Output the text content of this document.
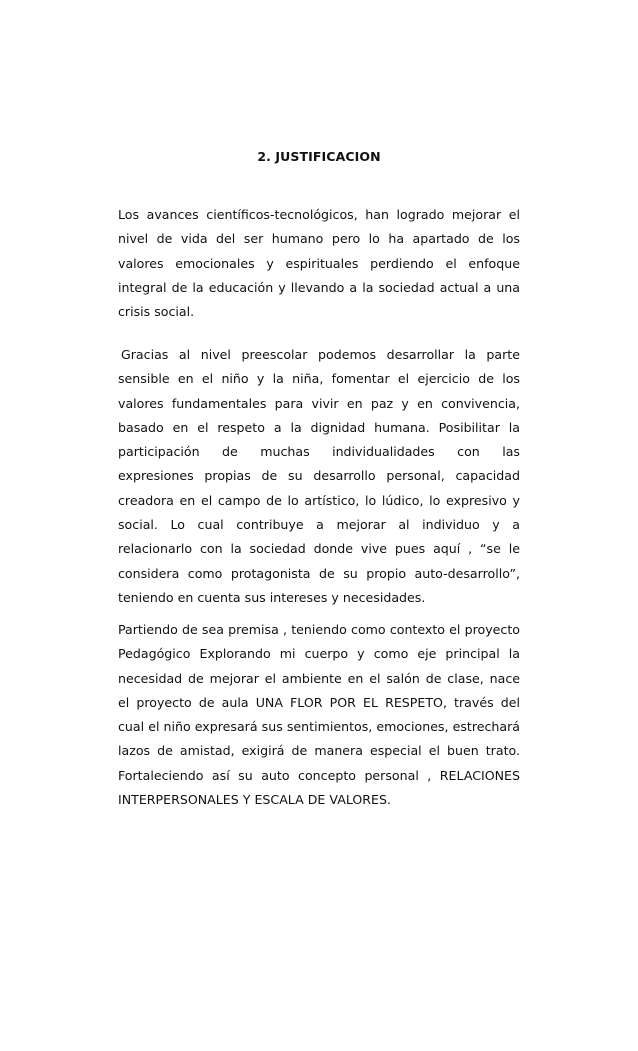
2. JUSTIFICACION
Los avances científicos-tecnológicos, han logrado mejorar el
nivel de vida del ser humano pero lo ha apartado de los
valores emocionales y espirituales perdiendo el enfoque
integral de la educación y llevando a la sociedad actual a una
crisis social.
Gracias al nivel preescolar podemos desarrollar la parte
sensible en el niño y la niña, fomentar el ejercicio de los
valores fundamentales para vivir en paz y en convivencia,
basado en el respeto a la dignidad humana. Posibilitar la
participación de muchas individualidades con las
expresiones propias de su desarrollo personal, capacidad
creadora en el campo de lo artístico, lo lúdico, lo expresivo y
social. Lo cual contribuye a mejorar al individuo y a
relacionarlo con la sociedad donde vive pues aquí , “se le
considera como protagonista de su propio auto-desarrollo”,
teniendo en cuenta sus intereses y necesidades.
Partiendo de sea premisa , teniendo como contexto el proyecto
Pedagógico Explorando mi cuerpo y como eje principal la
necesidad de mejorar el ambiente en el salón de clase, nace
el proyecto de aula UNA FLOR POR EL RESPETO, través del
cual el niño expresará sus sentimientos, emociones, estrechará
lazos de amistad, exigirá de manera especial el buen trato.
Fortaleciendo así su auto concepto personal , RELACIONES
INTERPERSONALES Y ESCALA DE VALORES.
